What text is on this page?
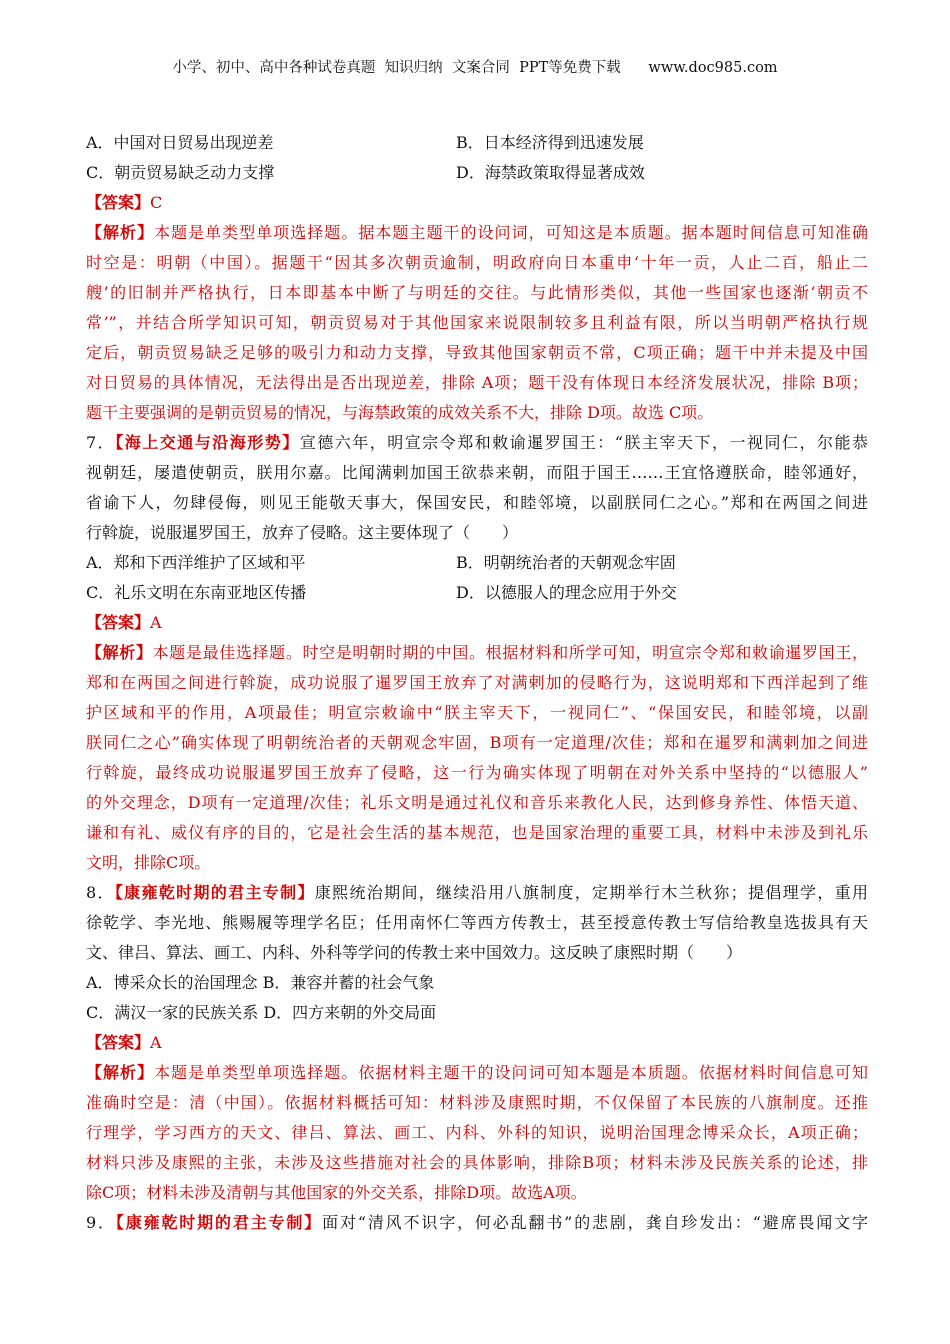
小学、初中、高中各种试卷真题  知识归纳  文案合同  PPT等免费下载      www.doc985.com
A．中国对日贸易出现逆差	B．日本经济得到迅速发展
C．朝贡贸易缺乏动力支撑	D．海禁政策取得显著成效
【答案】C
【解析】本题是单类型单项选择题。据本题主题干的设问词，可知这是本质题。据本题时间信息可知准确
时空是：明朝（中国）。据题干“因其多次朝贡逾制，明政府向日本重申‘十年一贡，人止二百，船止二
艘’的旧制并严格执行，日本即基本中断了与明廷的交往。与此情形类似，其他一些国家也逐渐‘朝贡不
常’”，并结合所学知识可知，朝贡贸易对于其他国家来说限制较多且利益有限，所以当明朝严格执行规
定后，朝贡贸易缺乏足够的吸引力和动力支撑，导致其他国家朝贡不常，C项正确；题干中并未提及中国
对日贸易的具体情况，无法得出是否出现逆差，排除 A项；题干没有体现日本经济发展状况，排除 B项；
题干主要强调的是朝贡贸易的情况，与海禁政策的成效关系不大，排除 D项。故选 C项。
7．【海上交通与沿海形势】宣德六年，明宣宗令郑和敕谕暹罗国王：“朕主宰天下，一视同仁，尔能恭
视朝廷，屡遣使朝贡，朕用尔嘉。比闻满剌加国王欲恭来朝，而阻于国王……王宜恪遵朕命，睦邻通好，
省谕下人，勿肆侵侮，则见王能敬天事大，保国安民，和睦邻境，以副朕同仁之心。”郑和在两国之间进
行斡旋，说服暹罗国王，放弃了侵略。这主要体现了（　　）
A．郑和下西洋维护了区域和平	B．明朝统治者的天朝观念牢固
C．礼乐文明在东南亚地区传播	D．以德服人的理念应用于外交
【答案】A
【解析】本题是最佳选择题。时空是明朝时期的中国。根据材料和所学可知，明宣宗令郑和敕谕暹罗国王，
郑和在两国之间进行斡旋，成功说服了暹罗国王放弃了对满剌加的侵略行为，这说明郑和下西洋起到了维
护区域和平的作用，A项最佳；明宣宗敕谕中“朕主宰天下，一视同仁”、“保国安民，和睦邻境，以副
朕同仁之心”确实体现了明朝统治者的天朝观念牢固，B项有一定道理/次佳；郑和在暹罗和满剌加之间进
行斡旋，最终成功说服暹罗国王放弃了侵略，这一行为确实体现了明朝在对外关系中坚持的“以德服人”
的外交理念，D项有一定道理/次佳；礼乐文明是通过礼仪和音乐来教化人民，达到修身养性、体悟天道、
谦和有礼、威仪有序的目的，它是社会生活的基本规范，也是国家治理的重要工具，材料中未涉及到礼乐
文明，排除C项。
8．【康雍乾时期的君主专制】康熙统治期间，继续沿用八旗制度，定期举行木兰秋狝；提倡理学，重用
徐乾学、李光地、熊赐履等理学名臣；任用南怀仁等西方传教士，甚至授意传教士写信给教皇选拔具有天
文、律吕、算法、画工、内科、外科等学问的传教士来中国效力。这反映了康熙时期（　　）
A．博采众长的治国理念 B．兼容并蓄的社会气象
C．满汉一家的民族关系 D．四方来朝的外交局面
【答案】A
【解析】本题是单类型单项选择题。依据材料主题干的设问词可知本题是本质题。依据材料时间信息可知
准确时空是：清（中国）。依据材料概括可知：材料涉及康熙时期，不仅保留了本民族的八旗制度。还推
行理学，学习西方的天文、律吕、算法、画工、内科、外科的知识，说明治国理念博采众长，A项正确；
材料只涉及康熙的主张，未涉及这些措施对社会的具体影响，排除B项；材料未涉及民族关系的论述，排
除C项；材料未涉及清朝与其他国家的外交关系，排除D项。故选A项。
9．【康雍乾时期的君主专制】面对“清风不识字，何必乱翻书”的悲剧，龚自珍发出：“避席畏闻文字
